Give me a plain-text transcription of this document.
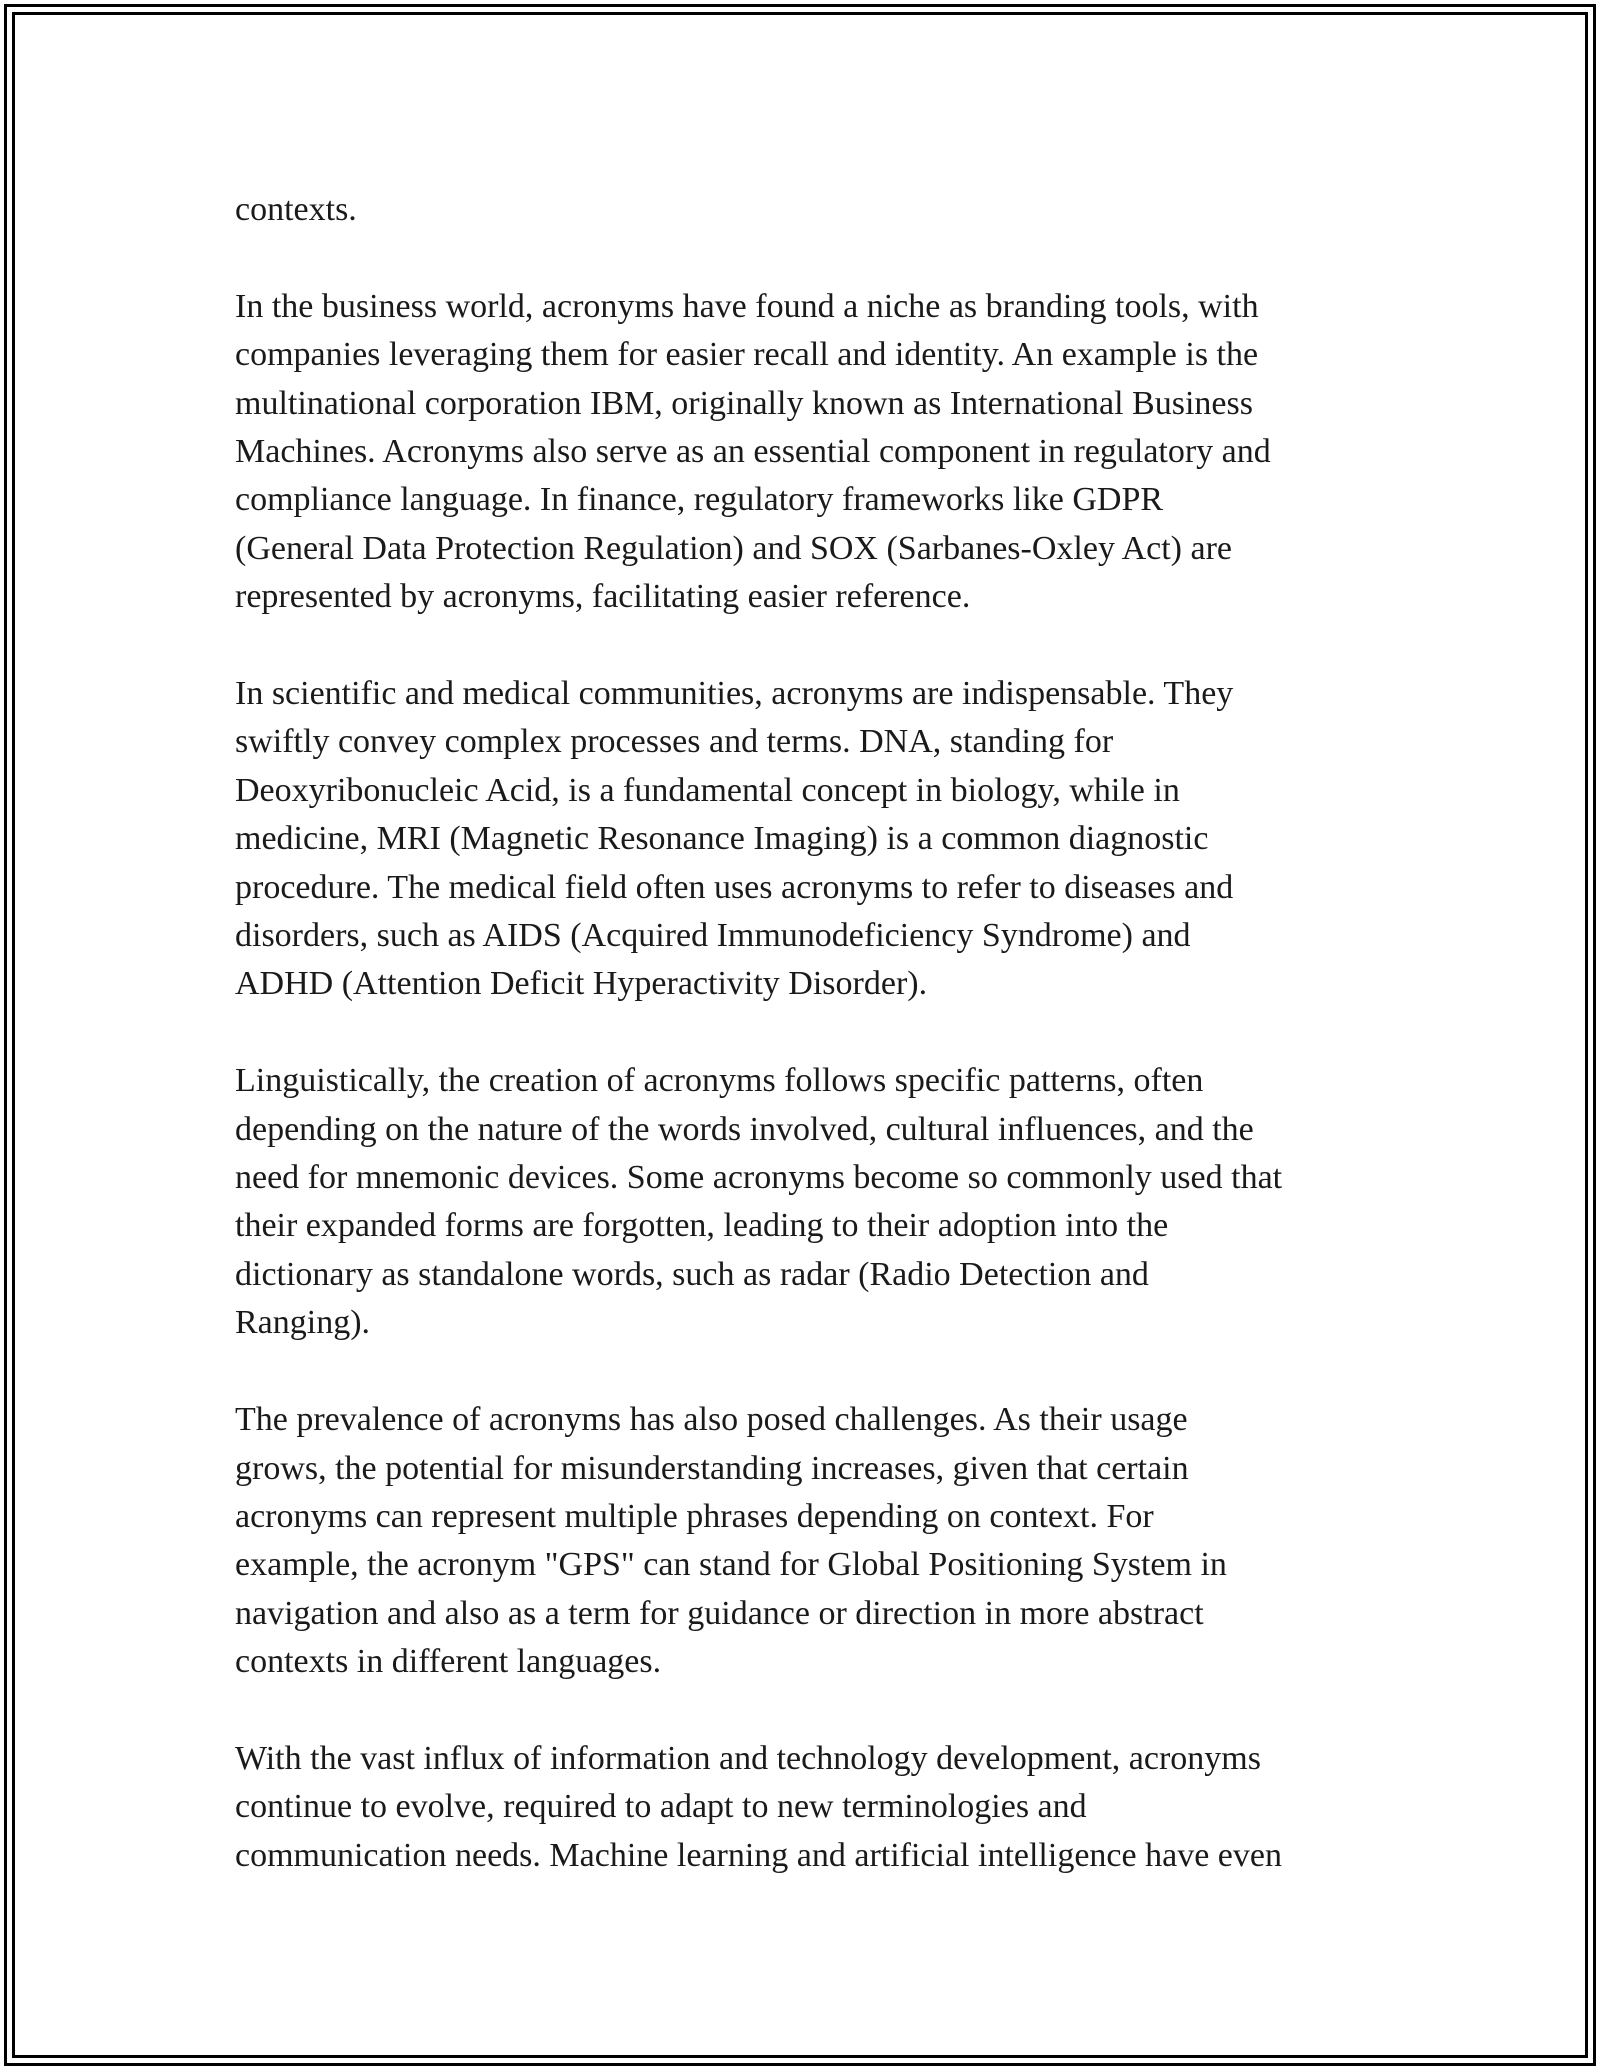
contexts.

In the business world, acronyms have found a niche as branding tools, with
companies leveraging them for easier recall and identity. An example is the
multinational corporation IBM, originally known as International Business
Machines. Acronyms also serve as an essential component in regulatory and
compliance language. In finance, regulatory frameworks like GDPR
(General Data Protection Regulation) and SOX (Sarbanes-Oxley Act) are
represented by acronyms, facilitating easier reference.

In scientific and medical communities, acronyms are indispensable. They
swiftly convey complex processes and terms. DNA, standing for
Deoxyribonucleic Acid, is a fundamental concept in biology, while in
medicine, MRI (Magnetic Resonance Imaging) is a common diagnostic
procedure. The medical field often uses acronyms to refer to diseases and
disorders, such as AIDS (Acquired Immunodeficiency Syndrome) and
ADHD (Attention Deficit Hyperactivity Disorder).

Linguistically, the creation of acronyms follows specific patterns, often
depending on the nature of the words involved, cultural influences, and the
need for mnemonic devices. Some acronyms become so commonly used that
their expanded forms are forgotten, leading to their adoption into the
dictionary as standalone words, such as radar (Radio Detection and
Ranging).

The prevalence of acronyms has also posed challenges. As their usage
grows, the potential for misunderstanding increases, given that certain
acronyms can represent multiple phrases depending on context. For
example, the acronym "GPS" can stand for Global Positioning System in
navigation and also as a term for guidance or direction in more abstract
contexts in different languages.

With the vast influx of information and technology development, acronyms
continue to evolve, required to adapt to new terminologies and
communication needs. Machine learning and artificial intelligence have even
